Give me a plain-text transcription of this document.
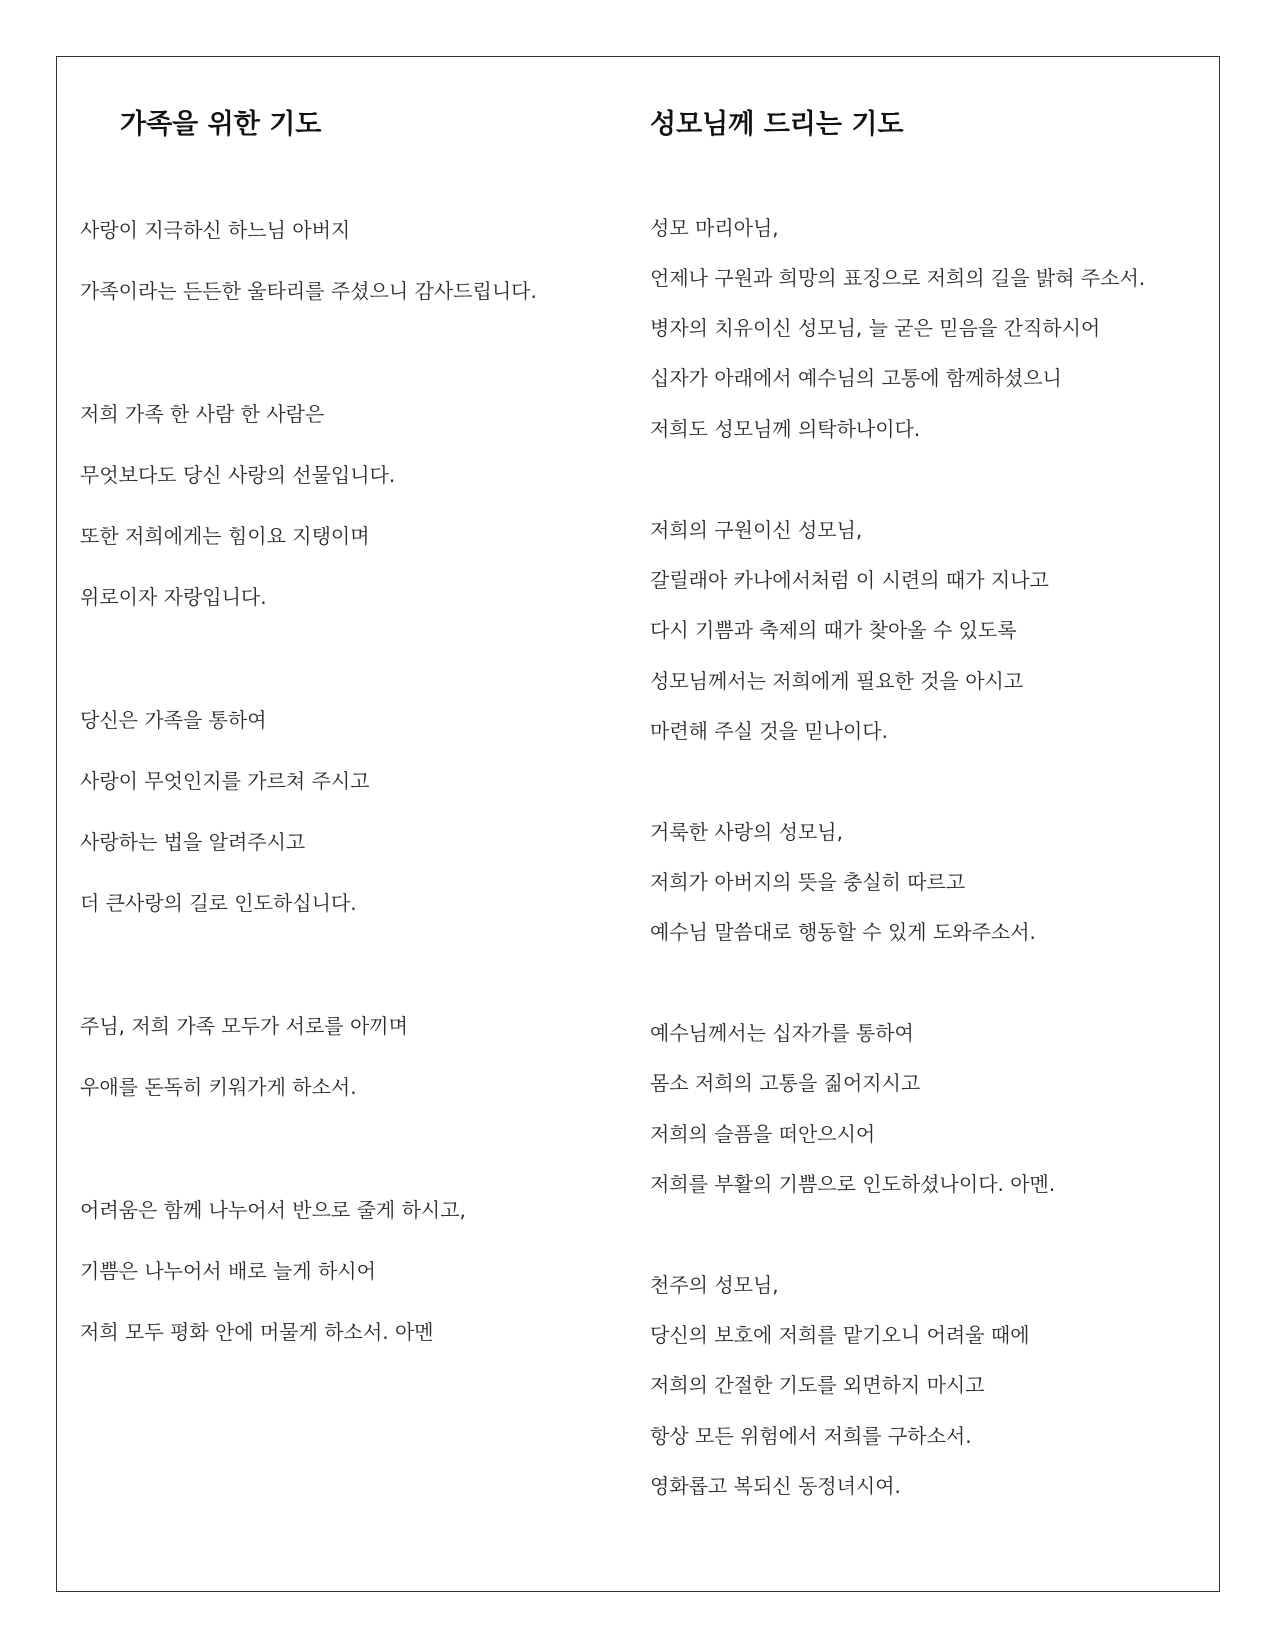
가족을 위한 기도
사랑이 지극하신 하느님 아버지
가족이라는 든든한 울타리를 주셨으니 감사드립니다.
저희 가족 한 사람 한 사람은
무엇보다도 당신 사랑의 선물입니다.
또한 저희에게는 힘이요 지탱이며
위로이자 자랑입니다.
당신은 가족을 통하여
사랑이 무엇인지를 가르쳐 주시고
사랑하는 법을 알려주시고
더 큰사랑의 길로 인도하십니다.
주님, 저희 가족 모두가 서로를 아끼며
우애를 돈독히 키워가게 하소서.
어려움은 함께 나누어서 반으로 줄게 하시고,
기쁨은 나누어서 배로 늘게 하시어
저희 모두 평화 안에 머물게 하소서. 아멘
성모님께 드리는 기도
성모 마리아님,
언제나 구원과 희망의 표징으로 저희의 길을 밝혀 주소서.
병자의 치유이신 성모님, 늘 굳은 믿음을 간직하시어
십자가 아래에서 예수님의 고통에 함께하셨으니
저희도 성모님께 의탁하나이다.
저희의 구원이신 성모님,
갈릴래아 카나에서처럼 이 시련의 때가 지나고
다시 기쁨과 축제의 때가 찾아올 수 있도록
성모님께서는 저희에게 필요한 것을 아시고
마련해 주실 것을 믿나이다.
거룩한 사랑의 성모님,
저희가 아버지의 뜻을 충실히 따르고
예수님 말씀대로 행동할 수 있게 도와주소서.
예수님께서는 십자가를 통하여
몸소 저희의 고통을 짊어지시고
저희의 슬픔을 떠안으시어
저희를 부활의 기쁨으로 인도하셨나이다. 아멘.
천주의 성모님,
당신의 보호에 저희를 맡기오니 어려울 때에
저희의 간절한 기도를 외면하지 마시고
항상 모든 위험에서 저희를 구하소서.
영화롭고 복되신 동정녀시여.
